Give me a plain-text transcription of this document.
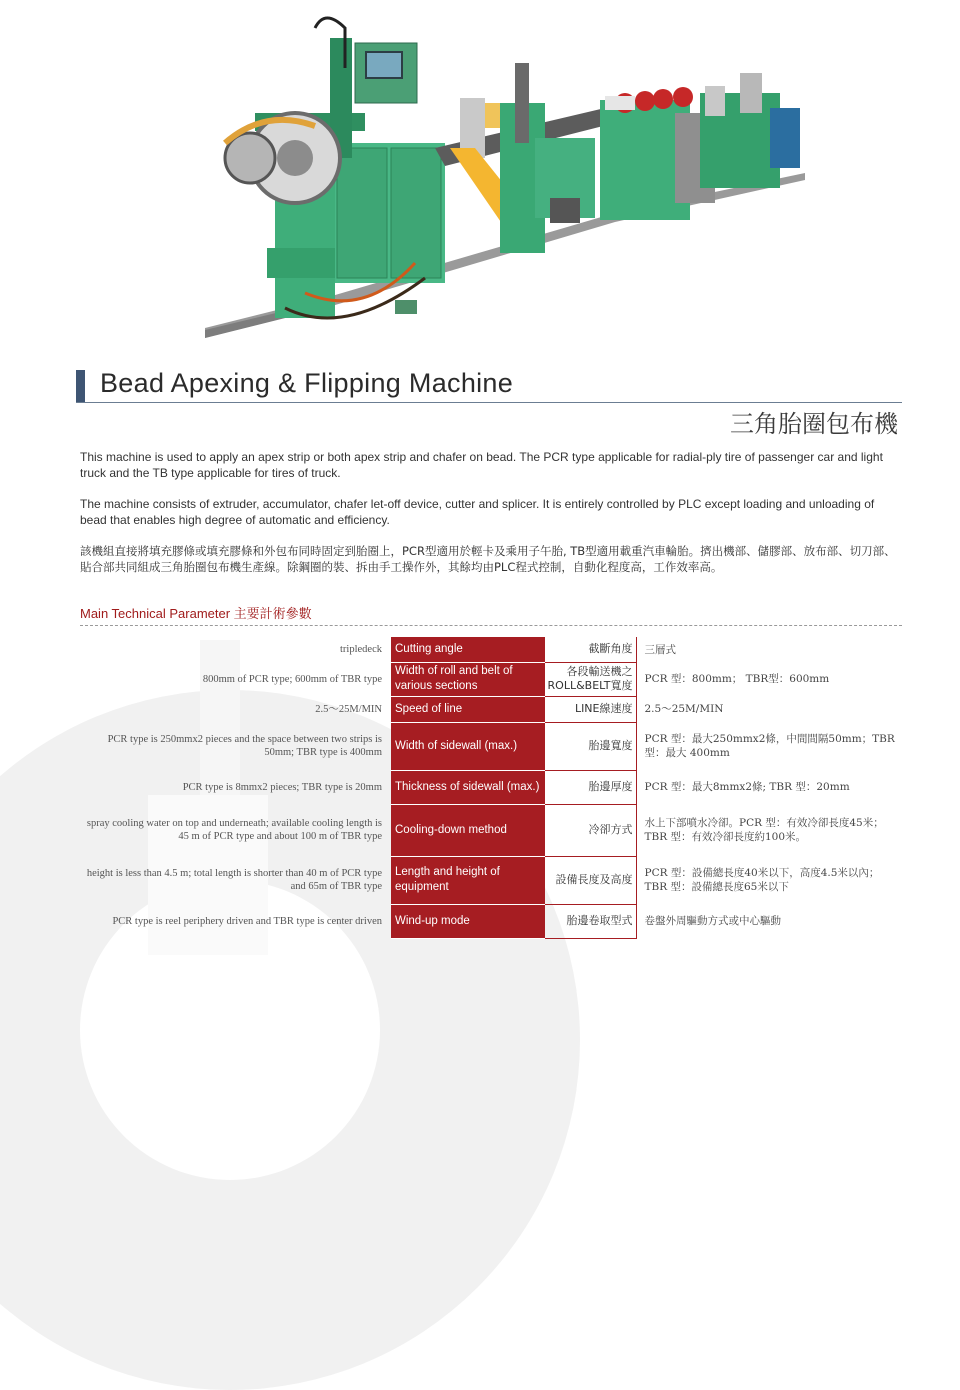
Bead Apexing & Flipping Machine
三角胎圈包布機
This machine is used to apply an apex strip or both apex strip and chafer on bead. The PCR type applicable for radial-ply tire of passenger car and light truck and the TB type applicable for tires of truck.
The machine consists of extruder, accumulator, chafer let-off device, cutter and splicer. It is entirely controlled by PLC except loading and unloading of bead that enables high degree of automatic and efficiency.
該機組直接將填充膠條或填充膠條和外包布同時固定到胎圈上，PCR型適用於輕卡及乘用子午胎, TB型適用載重汽車輪胎。擠出機部、儲膠部、放布部、切刀部、貼合部共同組成三角胎圈包布機生產線。除鋼圈的裝、拆由手工操作外，其餘均由PLC程式控制，自動化程度高，工作效率高。
Main Technical Parameter 主要計術參數
tripledeck	Cutting angle	截斷角度	三層式
800mm of PCR type; 600mm of TBR type	Width of roll and belt of various sections	各段輸送機之ROLL&BELT寬度	PCR 型：800mm； TBR型：600mm
2.5～25M/MIN	Speed of line	LINE線速度	2.5～25M/MIN
PCR type is 250mmx2 pieces and the space between two strips is 50mm; TBR type is 400mm	Width of sidewall (max.)	胎邊寬度	PCR 型：最大250mmx2條，中間間隔50mm；TBR 型：最大 400mm
PCR type is 8mmx2 pieces; TBR type is 20mm	Thickness of sidewall (max.)	胎邊厚度	PCR 型：最大8mmx2條; TBR 型：20mm
spray cooling water on top and underneath; available cooling length is 45 m of PCR type and about 100 m of TBR type	Cooling-down method	冷卻方式	水上下部噴水冷卻。PCR 型：有效冷卻長度45米；TBR 型：有效冷卻長度約100米。
height is less than 4.5 m; total length is shorter than 40 m of PCR type and 65m of TBR type	Length and height of equipment	設備長度及高度	PCR 型：設備總長度40米以下，高度4.5米以內；TBR 型：設備總長度65米以下
PCR type is reel periphery driven and TBR type is center driven	Wind-up mode	胎邊卷取型式	卷盤外周驅動方式或中心驅動
